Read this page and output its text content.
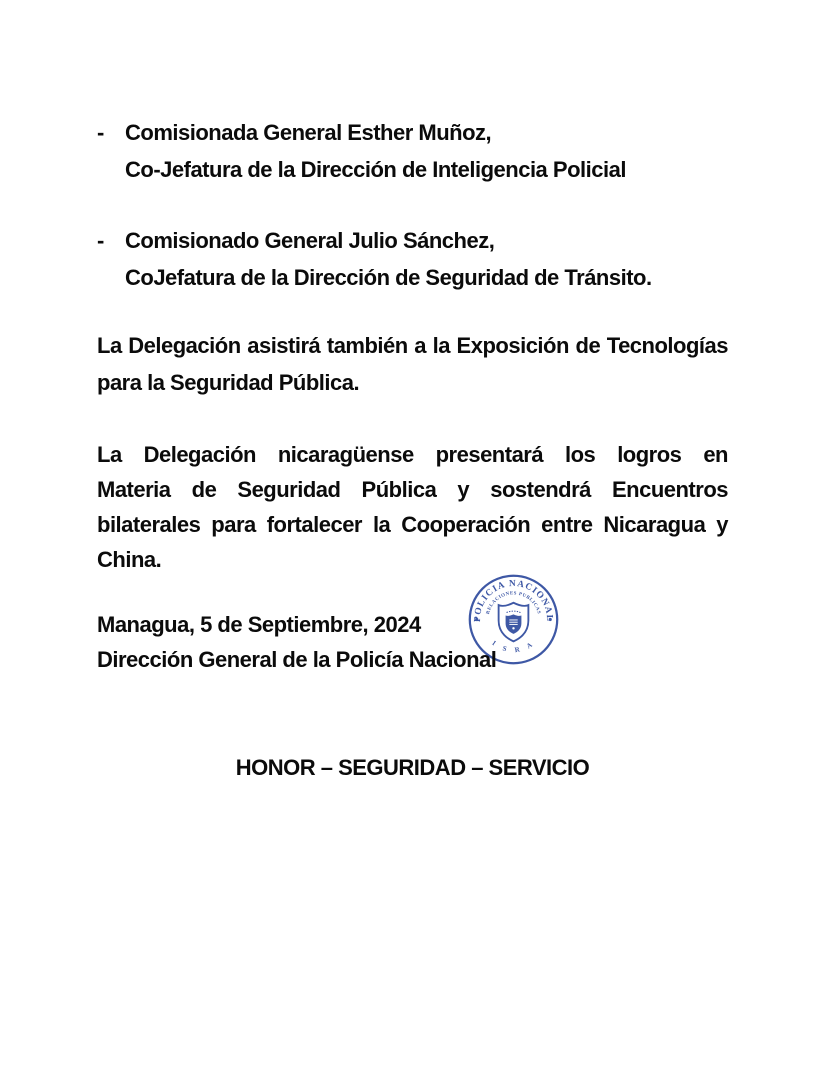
POLICIA NACIONAL
RELACIONES PUBLICAS
1 S R A
- Comisionada General Esther Muñoz,
Co-Jefatura de la Dirección de Inteligencia Policial
- Comisionado General Julio Sánchez,
CoJefatura de la Dirección de Seguridad de Tránsito.
La Delegación asistirá también a la Exposición de Tecnologías
para la Seguridad Pública.
La Delegación nicaragüense presentará los logros en
Materia de Seguridad Pública y sostendrá Encuentros
bilaterales para fortalecer la Cooperación entre Nicaragua y
China.
Managua, 5 de Septiembre, 2024
Dirección General de la Policía Nacional
HONOR – SEGURIDAD – SERVICIO
